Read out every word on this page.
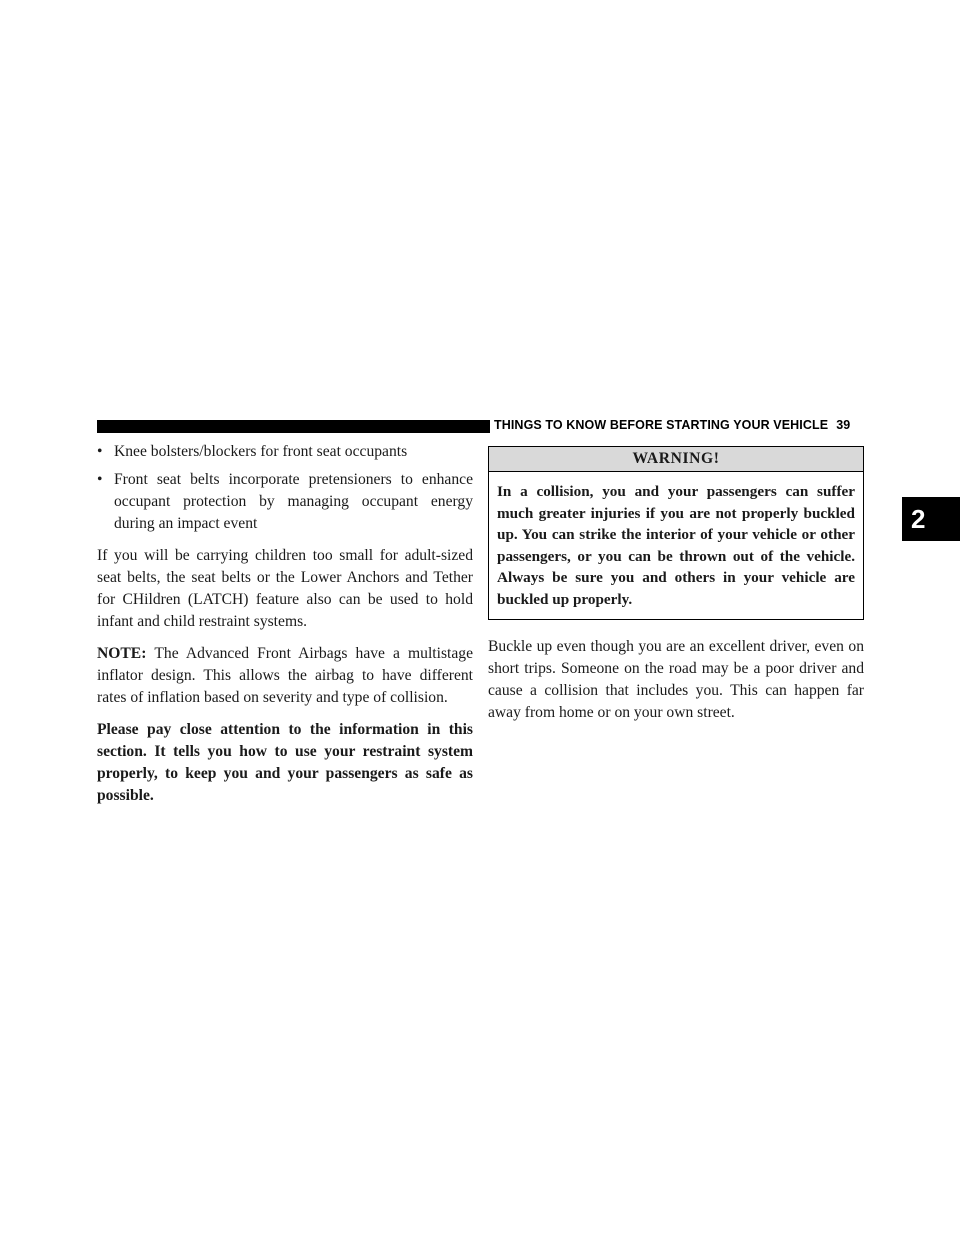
THINGS TO KNOW BEFORE STARTING YOUR VEHICLE 39
2
• Knee bolsters/blockers for front seat occupants
• Front seat belts incorporate pretensioners to enhance occupant protection by managing occupant energy during an impact event

If you will be carrying children too small for adult-sized seat belts, the seat belts or the Lower Anchors and Tether for CHildren (LATCH) feature also can be used to hold infant and child restraint systems.

NOTE: The Advanced Front Airbags have a multistage inflator design. This allows the airbag to have different rates of inflation based on severity and type of collision.

Please pay close attention to the information in this section. It tells you how to use your restraint system properly, to keep you and your passengers as safe as possible.

WARNING!
In a collision, you and your passengers can suffer much greater injuries if you are not properly buckled up. You can strike the interior of your vehicle or other passengers, or you can be thrown out of the vehicle. Always be sure you and others in your vehicle are buckled up properly.

Buckle up even though you are an excellent driver, even on short trips. Someone on the road may be a poor driver and cause a collision that includes you. This can happen far away from home or on your own street.
